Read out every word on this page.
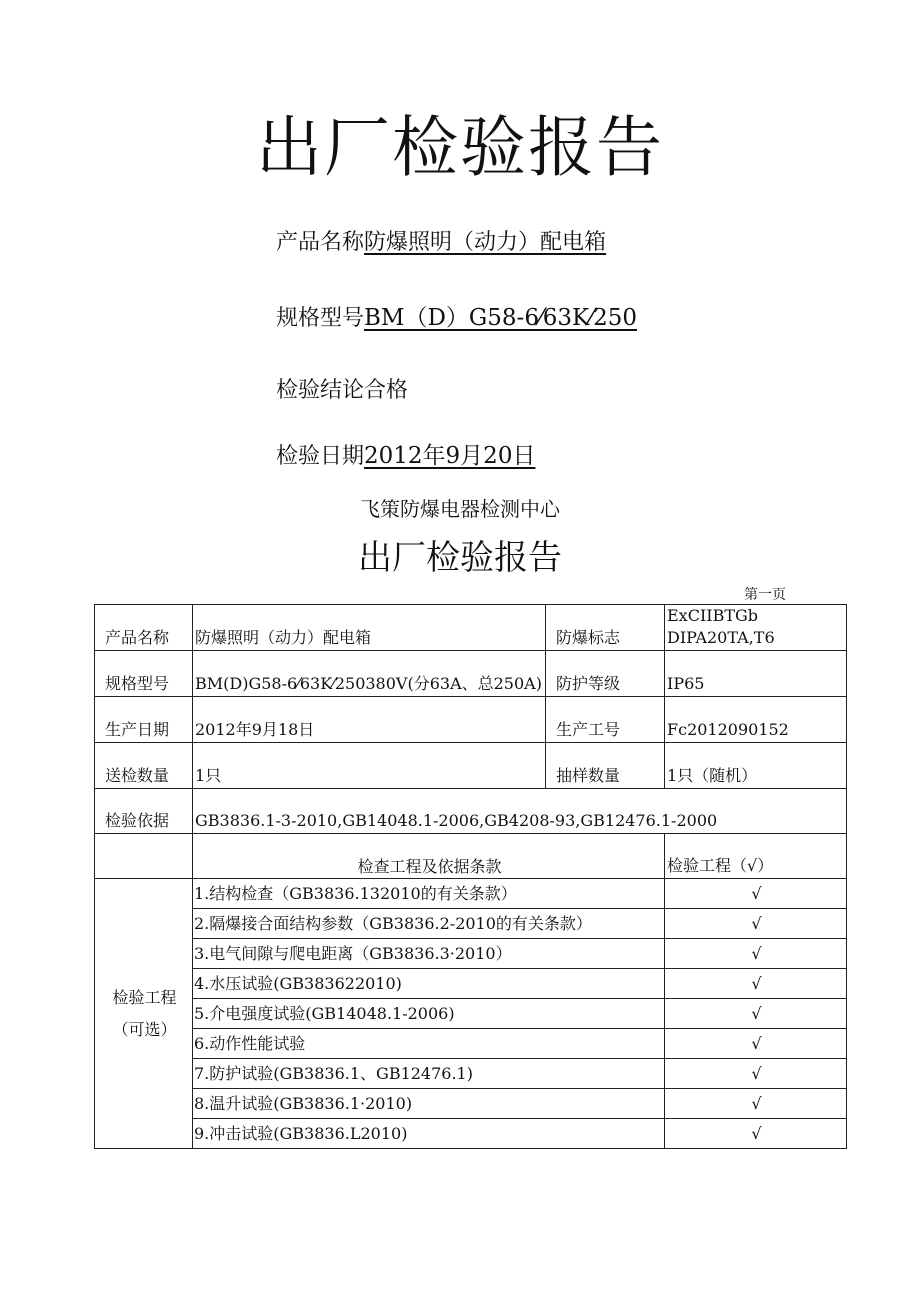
出厂检验报告
产品名称防爆照明（动力）配电箱
规格型号BM（D）G58-6⁄63K⁄250
检验结论合格
检验日期2012年9月20日
飞策防爆电器检测中心
出厂检验报告
第一页
产品名称	防爆照明（动力）配电箱	防爆标志	ExCIIBTGb
DIPA20TA,T6

规格型号	BM(D)G58-6⁄63K⁄250380V(分63A、总250A)	防护等级	IP65
生产日期	2012年9月18日	生产工号	Fc2012090152
送检数量	1只	抽样数量	1只（随机）
检验依据	GB3836.1-3-2010,GB14048.1-2006,GB4208-93,GB12476.1-2000		
	检查工程及依据条款		检验工程（√）

检验工程
（可选）	1.结构检查（GB3836.132010的有关条款）		√
	2.隔爆接合面结构参数（GB3836.2-2010的有关条款）		√
	3.电气间隙与爬电距离（GB3836.3·2010）		√
	4.水压试验(GB383622010)		√
	5.介电强度试验(GB14048.1-2006)		√
	6.动作性能试验		√
	7.防护试验(GB3836.1、GB12476.1)		√
	8.温升试验(GB3836.1·2010)		√
	9.冲击试验(GB3836.L2010)		√
